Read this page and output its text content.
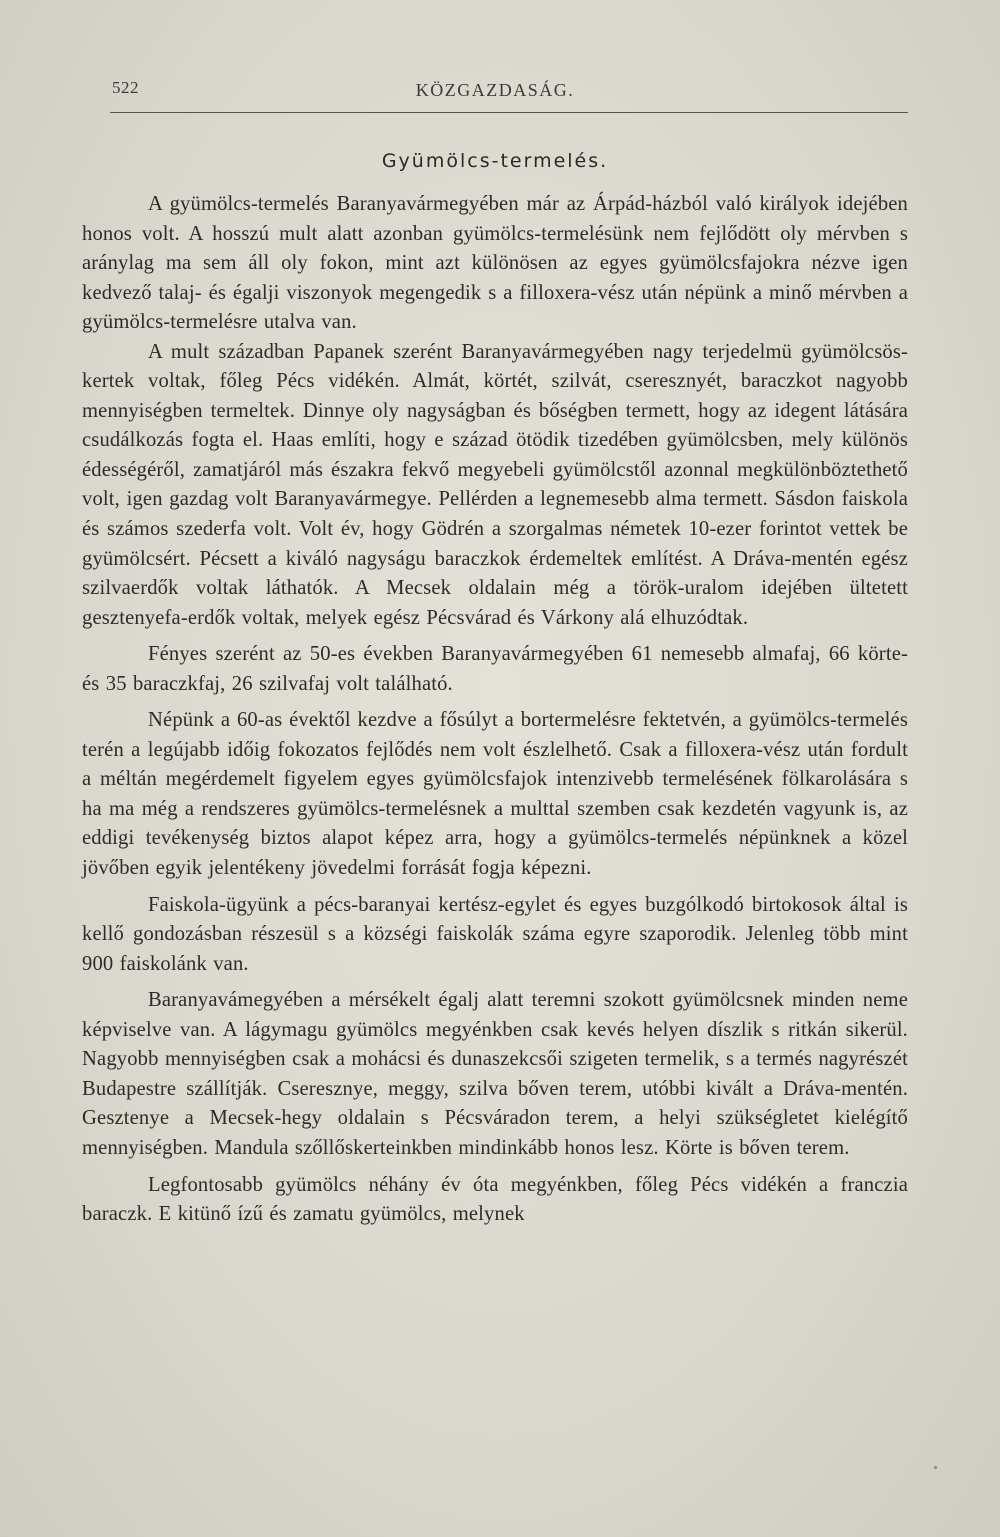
522	KÖZGAZDASÁG.
Gyümölcs-termelés.

A gyümölcs-termelés Baranyavármegyében már az Árpád-házból való királyok idejében honos volt. A hosszú mult alatt azonban gyümölcs-termelésünk nem fejlődött oly mérvben s aránylag ma sem áll oly fokon, mint azt különösen az egyes gyümölcsfajokra nézve igen kedvező talaj- és égalji viszonyok megengedik s a filloxera-vész után népünk a minő mérvben a gyümölcs-termelésre utalva van.

A mult században Papanek szerént Baranyavármegyében nagy terjedelmü gyümölcsös-kertek voltak, főleg Pécs vidékén. Almát, körtét, szilvát, cseresznyét, baraczkot nagyobb mennyiségben termeltek. Dinnye oly nagyságban és bőségben termett, hogy az idegent látására csudálkozás fogta el. Haas említi, hogy e század ötödik tizedében gyümölcsben, mely különös édességéről, zamatjáról más északra fekvő megyebeli gyümölcstől azonnal megkülönböztethető volt, igen gazdag volt Baranyavármegye. Pellérden a legnemesebb alma termett. Sásdon faiskola és számos szederfa volt. Volt év, hogy Gödrén a szorgalmas németek 10-ezer forintot vettek be gyümölcsért. Pécsett a kiváló nagyságu baraczkok érdemeltek említést. A Dráva-mentén egész szilvaerdők voltak láthatók. A Mecsek oldalain még a török-uralom idejében ültetett gesztenyefa-erdők voltak, melyek egész Pécsvárad és Várkony alá elhuzódtak.

Fényes szerént az 50-es években Baranyavármegyében 61 nemesebb almafaj, 66 körte- és 35 baraczkfaj, 26 szilvafaj volt található.

Népünk a 60-as évektől kezdve a fősúlyt a bortermelésre fektetvén, a gyümölcs-termelés terén a legújabb időig fokozatos fejlődés nem volt észlelhető. Csak a filloxera-vész után fordult a méltán megérdemelt figyelem egyes gyümölcsfajok intenzivebb termelésének fölkarolására s ha ma még a rendszeres gyümölcs-termelésnek a multtal szemben csak kezdetén vagyunk is, az eddigi tevékenység biztos alapot képez arra, hogy a gyümölcs-termelés népünknek a közel jövőben egyik jelentékeny jövedelmi forrását fogja képezni.

Faiskola-ügyünk a pécs-baranyai kertész-egylet és egyes buzgólkodó birtokosok által is kellő gondozásban részesül s a községi faiskolák száma egyre szaporodik. Jelenleg több mint 900 faiskolánk van.

Baranyavámegyében a mérsékelt égalj alatt teremni szokott gyümölcsnek minden neme képviselve van. A lágymagu gyümölcs megyénkben csak kevés helyen díszlik s ritkán sikerül. Nagyobb mennyiségben csak a mohácsi és dunaszekcsői szigeten termelik, s a termés nagyrészét Budapestre szállítják. Cseresznye, meggy, szilva bőven terem, utóbbi kivált a Dráva-mentén. Gesztenye a Mecsek-hegy oldalain s Pécsváradon terem, a helyi szükségletet kielégítő mennyiségben. Mandula szőllőskerteinkben mindinkább honos lesz. Körte is bőven terem.

Legfontosabb gyümölcs néhány év óta megyénkben, főleg Pécs vidékén a franczia baraczk. E kitünő ízű és zamatu gyümölcs, melynek
